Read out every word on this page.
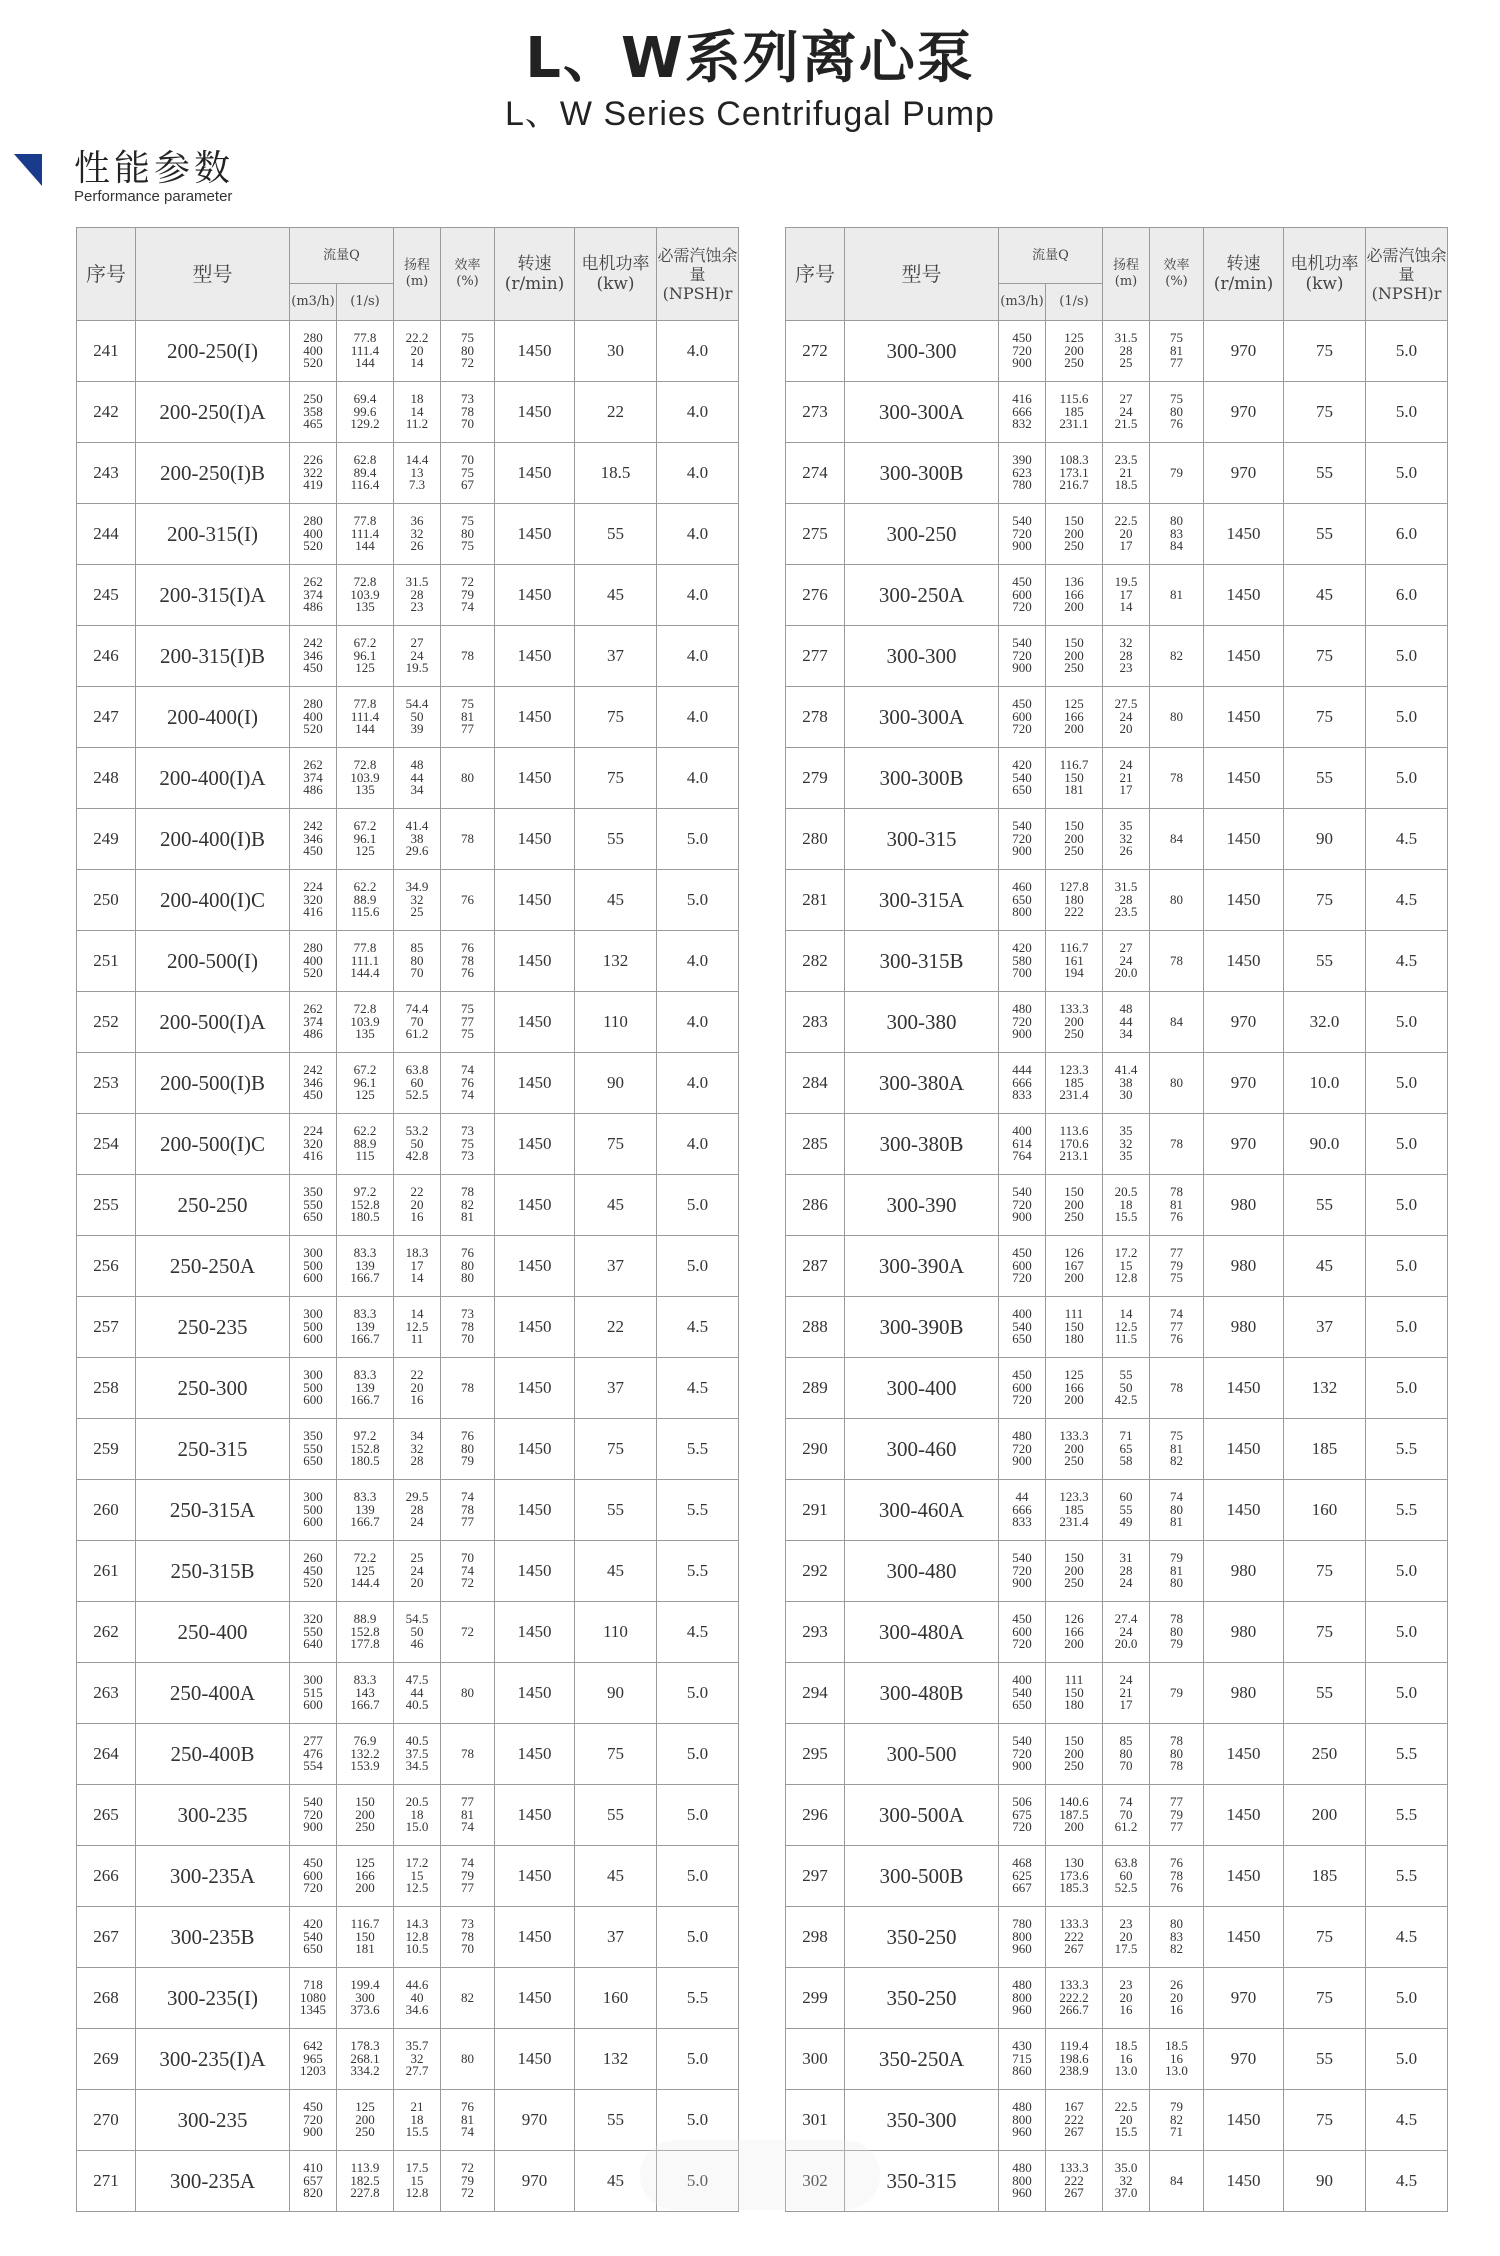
L、W系列离心泵
L、W Series Centrifugal Pump
性能参数
Performance parameter
序号	型号	流量Q		扬程
(m)	效率
(%)	转速
(r/min)	电机功率 (kw)	必需汽蚀余量 (NPSH)r
		(m3/h)	(1/s)					
241	200-250(I)	280
400
520	77.8
111.4
144	22.2
20
14	75
80
72	1450	30	4.0
242	200-250(I)A	250
358
465	69.4
99.6
129.2	18
14
11.2	73
78
70	1450	22	4.0
243	200-250(I)B	226
322
419	62.8
89.4
116.4	14.4
13
7.3	70
75
67	1450	18.5	4.0
244	200-315(I)	280
400
520	77.8
111.4
144	36
32
26	75
80
75	1450	55	4.0
245	200-315(I)A	262
374
486	72.8
103.9
135	31.5
28
23	72
79
74	1450	45	4.0
246	200-315(I)B	242
346
450	67.2
96.1
125	27
24
19.5	78	1450	37	4.0
247	200-400(I)	280
400
520	77.8
111.4
144	54.4
50
39	75
81
77	1450	75	4.0
248	200-400(I)A	262
374
486	72.8
103.9
135	48
44
34	80	1450	75	4.0
249	200-400(I)B	242
346
450	67.2
96.1
125	41.4
38
29.6	78	1450	55	5.0
250	200-400(I)C	224
320
416	62.2
88.9
115.6	34.9
32
25	76	1450	45	5.0
251	200-500(I)	280
400
520	77.8
111.1
144.4	85
80
70	76
78
76	1450	132	4.0
252	200-500(I)A	262
374
486	72.8
103.9
135	74.4
70
61.2	75
77
75	1450	110	4.0
253	200-500(I)B	242
346
450	67.2
96.1
125	63.8
60
52.5	74
76
74	1450	90	4.0
254	200-500(I)C	224
320
416	62.2
88.9
115	53.2
50
42.8	73
75
73	1450	75	4.0
255	250-250	350
550
650	97.2
152.8
180.5	22
20
16	78
82
81	1450	45	5.0
256	250-250A	300
500
600	83.3
139
166.7	18.3
17
14	76
80
80	1450	37	5.0
257	250-235	300
500
600	83.3
139
166.7	14
12.5
11	73
78
70	1450	22	4.5
258	250-300	300
500
600	83.3
139
166.7	22
20
16	78	1450	37	4.5
259	250-315	350
550
650	97.2
152.8
180.5	34
32
28	76
80
79	1450	75	5.5
260	250-315A	300
500
600	83.3
139
166.7	29.5
28
24	74
78
77	1450	55	5.5
261	250-315B	260
450
520	72.2
125
144.4	25
24
20	70
74
72	1450	45	5.5
262	250-400	320
550
640	88.9
152.8
177.8	54.5
50
46	72	1450	110	4.5
263	250-400A	300
515
600	83.3
143
166.7	47.5
44
40.5	80	1450	90	5.0
264	250-400B	277
476
554	76.9
132.2
153.9	40.5
37.5
34.5	78	1450	75	5.0
265	300-235	540
720
900	150
200
250	20.5
18
15.0	77
81
74	1450	55	5.0
266	300-235A	450
600
720	125
166
200	17.2
15
12.5	74
79
77	1450	45	5.0
267	300-235B	420
540
650	116.7
150
181	14.3
12.8
10.5	73
78
70	1450	37	5.0
268	300-235(I)	718
1080
1345	199.4
300
373.6	44.6
40
34.6	82	1450	160	5.5
269	300-235(I)A	642
965
1203	178.3
268.1
334.2	35.7
32
27.7	80	1450	132	5.0
270	300-235	450
720
900	125
200
250	21
18
15.5	76
81
74	970	55	5.0
271	300-235A	410
657
820	113.9
182.5
227.8	17.5
15
12.8	72
79
72	970	45	5.0
序号	型号	流量Q		扬程
(m)	效率
(%)	转速
(r/min)	电机功率 (kw)	必需汽蚀余量 (NPSH)r
		(m3/h)	(1/s)					
272	300-300	450
720
900	125
200
250	31.5
28
25	75
81
77	970	75	5.0
273	300-300A	416
666
832	115.6
185
231.1	27
24
21.5	75
80
76	970	75	5.0
274	300-300B	390
623
780	108.3
173.1
216.7	23.5
21
18.5	79	970	55	5.0
275	300-250	540
720
900	150
200
250	22.5
20
17	80
83
84	1450	55	6.0
276	300-250A	450
600
720	136
166
200	19.5
17
14	81	1450	45	6.0
277	300-300	540
720
900	150
200
250	32
28
23	82	1450	75	5.0
278	300-300A	450
600
720	125
166
200	27.5
24
20	80	1450	75	5.0
279	300-300B	420
540
650	116.7
150
181	24
21
17	78	1450	55	5.0
280	300-315	540
720
900	150
200
250	35
32
26	84	1450	90	4.5
281	300-315A	460
650
800	127.8
180
222	31.5
28
23.5	80	1450	75	4.5
282	300-315B	420
580
700	116.7
161
194	27
24
20.0	78	1450	55	4.5
283	300-380	480
720
900	133.3
200
250	48
44
34	84	970	32.0	5.0
284	300-380A	444
666
833	123.3
185
231.4	41.4
38
30	80	970	10.0	5.0
285	300-380B	400
614
764	113.6
170.6
213.1	35
32
35	78	970	90.0	5.0
286	300-390	540
720
900	150
200
250	20.5
18
15.5	78
81
76	980	55	5.0
287	300-390A	450
600
720	126
167
200	17.2
15
12.8	77
79
75	980	45	5.0
288	300-390B	400
540
650	111
150
180	14
12.5
11.5	74
77
76	980	37	5.0
289	300-400	450
600
720	125
166
200	55
50
42.5	78	1450	132	5.0
290	300-460	480
720
900	133.3
200
250	71
65
58	75
81
82	1450	185	5.5
291	300-460A	44
666
833	123.3
185
231.4	60
55
49	74
80
81	1450	160	5.5
292	300-480	540
720
900	150
200
250	31
28
24	79
81
80	980	75	5.0
293	300-480A	450
600
720	126
166
200	27.4
24
20.0	78
80
79	980	75	5.0
294	300-480B	400
540
650	111
150
180	24
21
17	79	980	55	5.0
295	300-500	540
720
900	150
200
250	85
80
70	78
80
78	1450	250	5.5
296	300-500A	506
675
720	140.6
187.5
200	74
70
61.2	77
79
77	1450	200	5.5
297	300-500B	468
625
667	130
173.6
185.3	63.8
60
52.5	76
78
76	1450	185	5.5
298	350-250	780
800
960	133.3
222
267	23
20
17.5	80
83
82	1450	75	4.5
299	350-250	480
800
960	133.3
222.2
266.7	23
20
16	26
20
16	970	75	5.0
300	350-250A	430
715
860	119.4
198.6
238.9	18.5
16
13.0	18.5
16
13.0	970	55	5.0
301	350-300	480
800
960	167
222
267	22.5
20
15.5	79
82
71	1450	75	4.5
302	350-315	480
800
960	133.3
222
267	35.0
32
37.0	84	1450	90	4.5
